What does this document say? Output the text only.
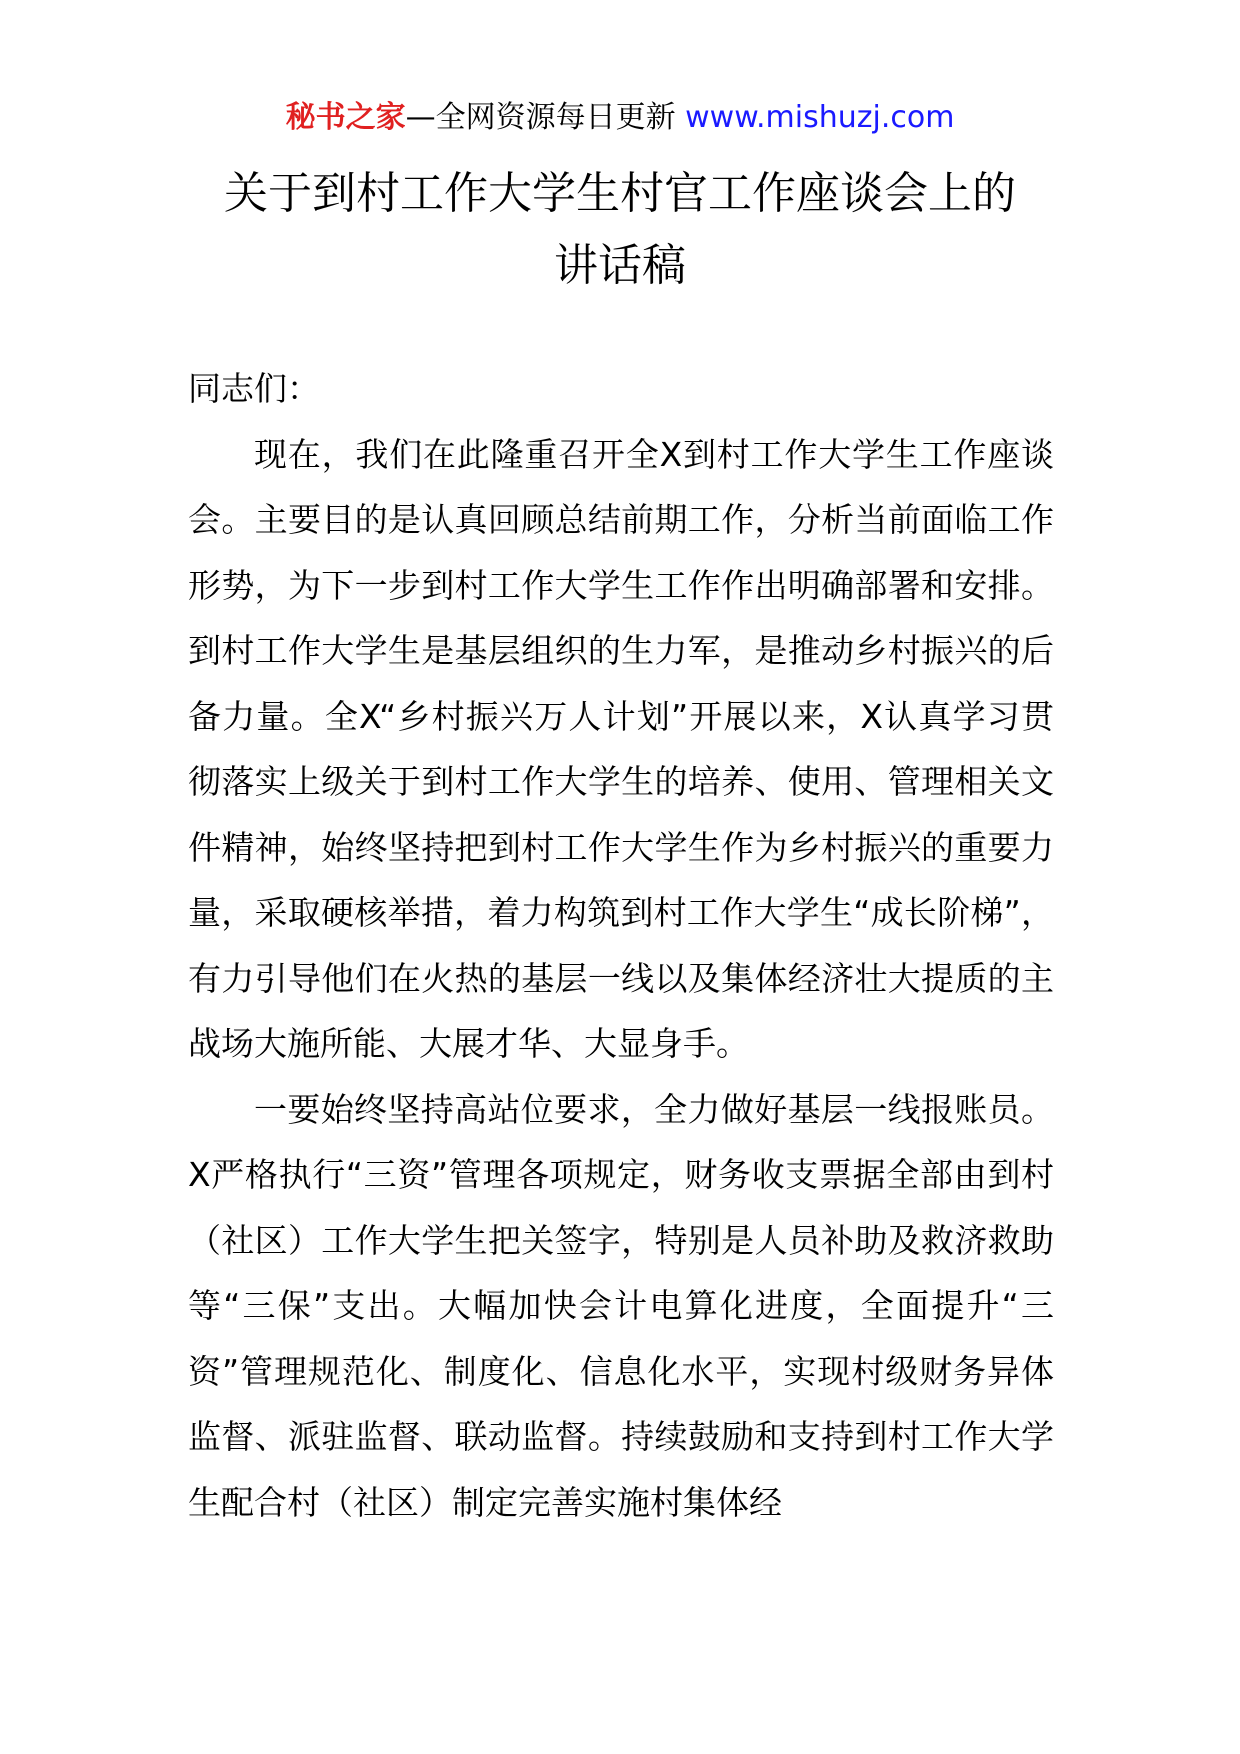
秘书之家—全网资源每日更新 www.mishuzj.com
关于到村工作大学生村官工作座谈会上的
讲话稿

同志们：

现在，我们在此隆重召开全X到村工作大学生工作座谈会。主要目的是认真回顾总结前期工作，分析当前面临工作形势，为下一步到村工作大学生工作作出明确部署和安排。到村工作大学生是基层组织的生力军，是推动乡村振兴的后备力量。全X“乡村振兴万人计划”开展以来，X认真学习贯彻落实上级关于到村工作大学生的培养、使用、管理相关文件精神，始终坚持把到村工作大学生作为乡村振兴的重要力量，采取硬核举措，着力构筑到村工作大学生“成长阶梯”，有力引导他们在火热的基层一线以及集体经济壮大提质的主战场大施所能、大展才华、大显身手。

一要始终坚持高站位要求，全力做好基层一线报账员。X严格执行“三资”管理各项规定，财务收支票据全部由到村（社区）工作大学生把关签字，特别是人员补助及救济救助等“三保”支出。大幅加快会计电算化进度，全面提升“三资”管理规范化、制度化、信息化水平，实现村级财务异体监督、派驻监督、联动监督。持续鼓励和支持到村工作大学生配合村（社区）制定完善实施村集体经
